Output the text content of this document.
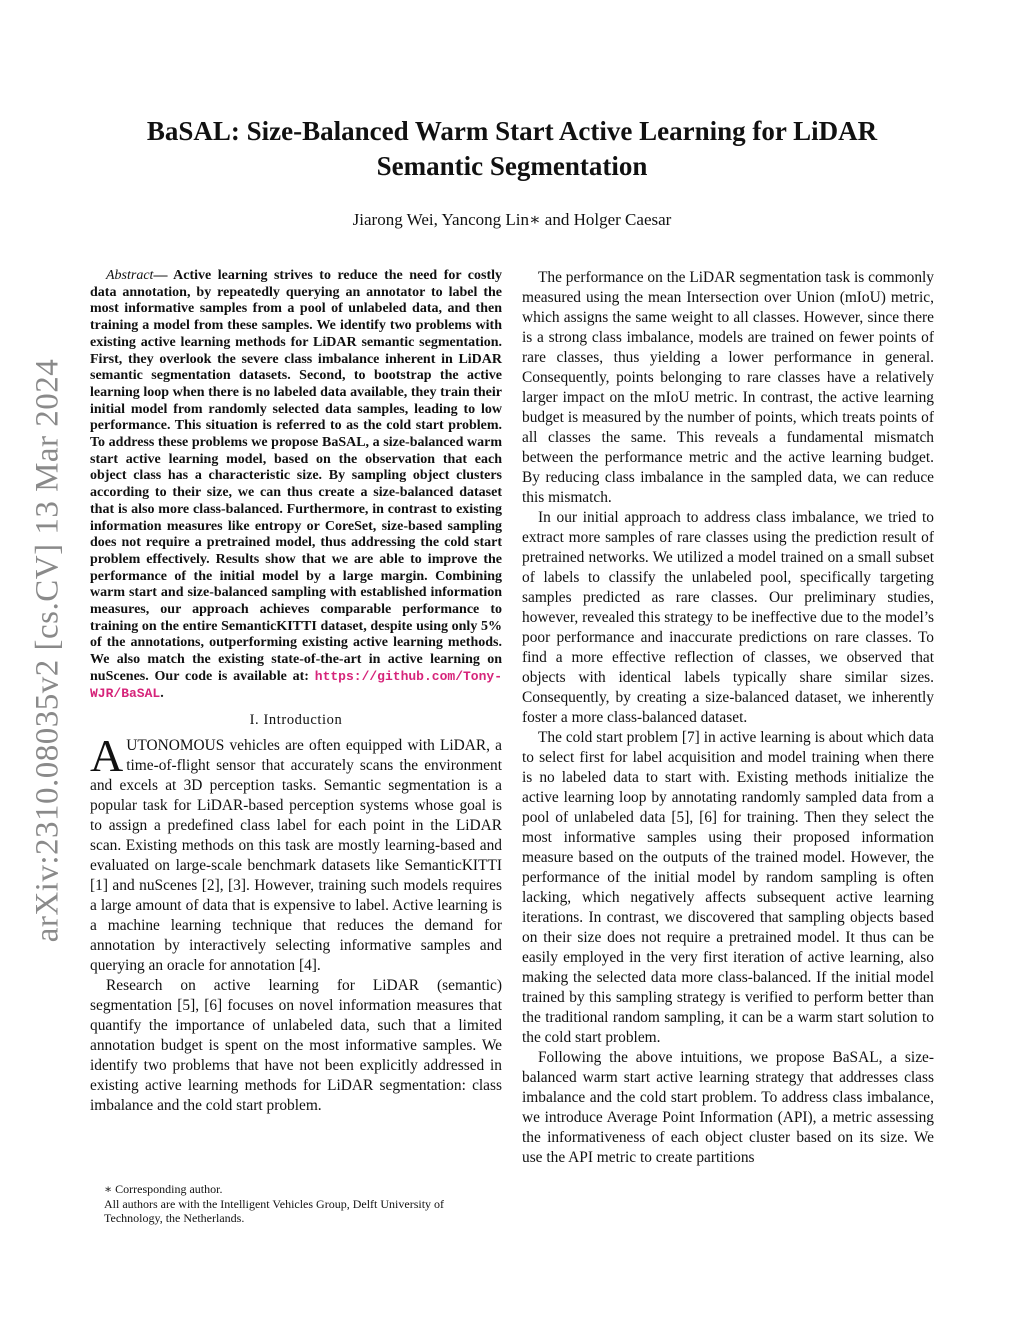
arXiv:2310.08035v2 [cs.CV] 13 Mar 2024
BaSAL: Size-Balanced Warm Start Active Learning for LiDAR Semantic Segmentation
Jiarong Wei, Yancong Lin∗ and Holger Caesar

Abstract— Active learning strives to reduce the need for costly data annotation, by repeatedly querying an annotator to label the most informative samples from a pool of unlabeled data, and then training a model from these samples. We identify two problems with existing active learning methods for LiDAR semantic segmentation. First, they overlook the severe class imbalance inherent in LiDAR semantic segmentation datasets. Second, to bootstrap the active learning loop when there is no labeled data available, they train their initial model from randomly selected data samples, leading to low performance. This situation is referred to as the cold start problem. To address these problems we propose BaSAL, a size-balanced warm start active learning model, based on the observation that each object class has a characteristic size. By sampling object clusters according to their size, we can thus create a size-balanced dataset that is also more class-balanced. Furthermore, in contrast to existing information measures like entropy or CoreSet, size-based sampling does not require a pretrained model, thus addressing the cold start problem effectively. Results show that we are able to improve the performance of the initial model by a large margin. Combining warm start and size-balanced sampling with established information measures, our approach achieves comparable performance to training on the entire SemanticKITTI dataset, despite using only 5% of the annotations, outperforming existing active learning methods. We also match the existing state-of-the-art in active learning on nuScenes. Our code is available at: https://github.com/Tony-WJR/BaSAL.

I. Introduction

AUTONOMOUS vehicles are often equipped with LiDAR, a time-of-flight sensor that accurately scans the environment and excels at 3D perception tasks. Semantic segmentation is a popular task for LiDAR-based perception systems whose goal is to assign a predefined class label for each point in the LiDAR scan. Existing methods on this task are mostly learning-based and evaluated on large-scale benchmark datasets like SemanticKITTI [1] and nuScenes [2], [3]. However, training such models requires a large amount of data that is expensive to label. Active learning is a machine learning technique that reduces the demand for annotation by interactively selecting informative samples and querying an oracle for annotation [4].

Research on active learning for LiDAR (semantic) segmentation [5], [6] focuses on novel information measures that quantify the importance of unlabeled data, such that a limited annotation budget is spent on the most informative samples. We identify two problems that have not been explicitly addressed in existing active learning methods for LiDAR segmentation: class imbalance and the cold start problem.

∗ Corresponding author.
All authors are with the Intelligent Vehicles Group, Delft University of Technology, the Netherlands.

The performance on the LiDAR segmentation task is commonly measured using the mean Intersection over Union (mIoU) metric, which assigns the same weight to all classes. However, since there is a strong class imbalance, models are trained on fewer points of rare classes, thus yielding a lower performance in general. Consequently, points belonging to rare classes have a relatively larger impact on the mIoU metric. In contrast, the active learning budget is measured by the number of points, which treats points of all classes the same. This reveals a fundamental mismatch between the performance metric and the active learning budget. By reducing class imbalance in the sampled data, we can reduce this mismatch.

In our initial approach to address class imbalance, we tried to extract more samples of rare classes using the prediction result of pretrained networks. We utilized a model trained on a small subset of labels to classify the unlabeled pool, specifically targeting samples predicted as rare classes. Our preliminary studies, however, revealed this strategy to be ineffective due to the model’s poor performance and inaccurate predictions on rare classes. To find a more effective reflection of classes, we observed that objects with identical labels typically share similar sizes. Consequently, by creating a size-balanced dataset, we inherently foster a more class-balanced dataset.

The cold start problem [7] in active learning is about which data to select first for label acquisition and model training when there is no labeled data to start with. Existing methods initialize the active learning loop by annotating randomly sampled data from a pool of unlabeled data [5], [6] for training. Then they select the most informative samples using their proposed information measure based on the outputs of the trained model. However, the performance of the initial model by random sampling is often lacking, which negatively affects subsequent active learning iterations. In contrast, we discovered that sampling objects based on their size does not require a pretrained model. It thus can be easily employed in the very first iteration of active learning, also making the selected data more class-balanced. If the initial model trained by this sampling strategy is verified to perform better than the traditional random sampling, it can be a warm start solution to the cold start problem.

Following the above intuitions, we propose BaSAL, a size-balanced warm start active learning strategy that addresses class imbalance and the cold start problem. To address class imbalance, we introduce Average Point Information (API), a metric assessing the informativeness of each object cluster based on its size. We use the API metric to create partitions
